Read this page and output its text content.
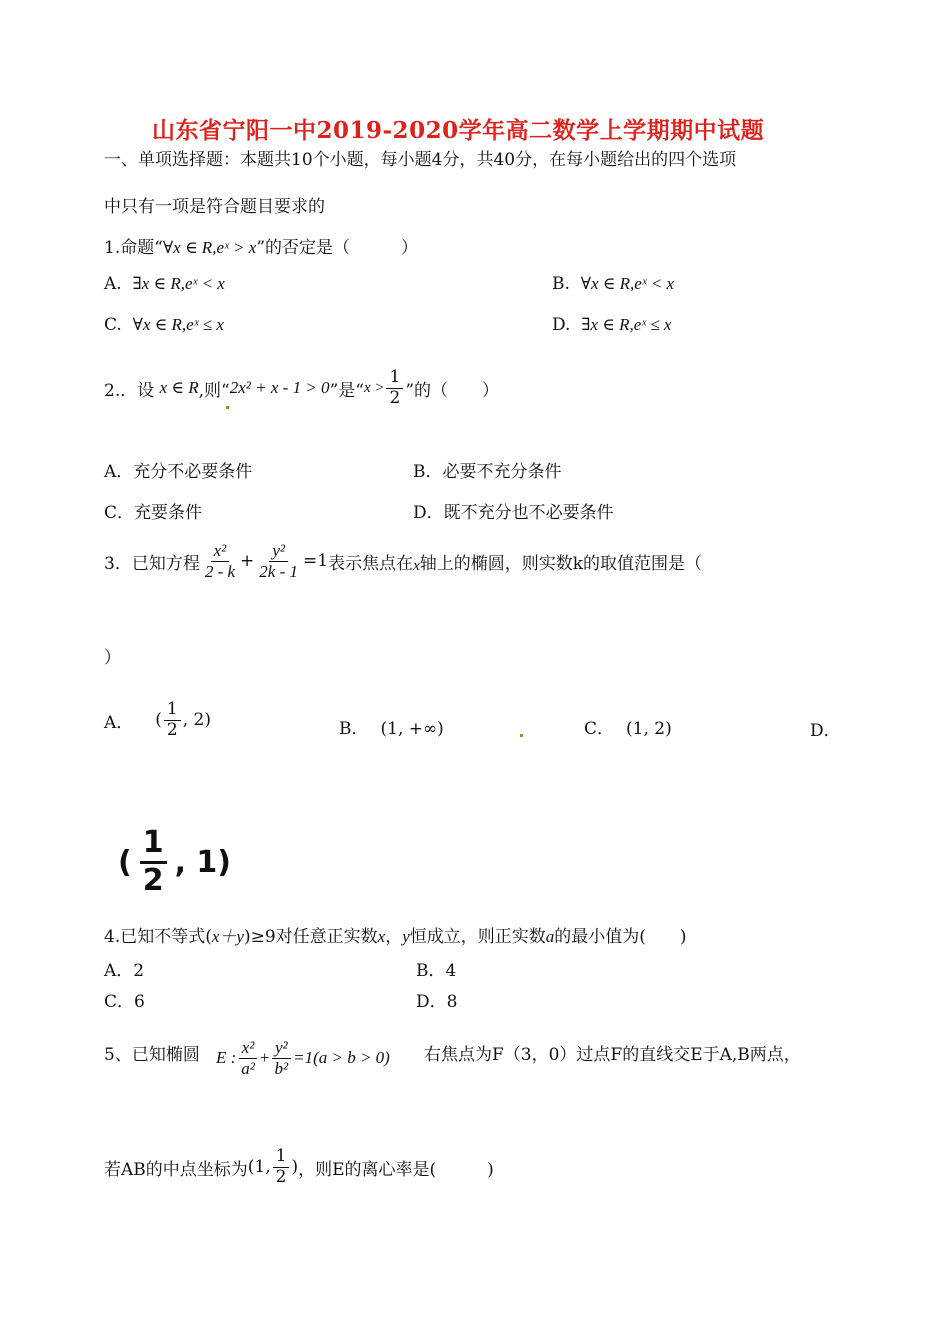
山东省宁阳一中2019-2020学年高二数学上学期期中试题
一、单项选择题：本题共10个小题，每小题4分，共40分，在每小题给出的四个选项
中只有一项是符合题目要求的
1.命题“∀x ∈ R,eˣ > x”的否定是（　　　）
A. ∃x ∈ R,eˣ < x	B. ∀x ∈ R,eˣ < x
C. ∀x ∈ R,eˣ ≤ x	D. ∃x ∈ R,eˣ ≤ x
2.．设
x ∈ R ,则“ 2x² + x - 1 > 0 ”是“ $x > \frac{1}{2}$ ”的（　　）
A．充分不必要条件	B．必要不充分条件
C．充要条件	D．既不充分也不必要条件
3．已知方程 $\frac{\text{x²}}{2 - k} + \frac{\text{y²}}{2k - 1} =1$ 表示焦点在 x 轴上的椭圆，则实数k的取值范围是（
）
A． ( $\frac{1}{2}$ , 2)	B． (1, +∞)	C． (1, 2)	D．
( $\frac{1}{2}$ , 1)
4.已知不等式(x＋y)≥9对任意正实数x，y恒成立，则正实数a的最小值为(　　)
A．2	B．4
C．6	D．8
5、已知椭圆 E : $\frac{\text{x²}}{\text{a²}} + \frac{\text{y²}}{\text{b²}} =1(a > b > 0)$ 右焦点为F（3，0）过点F的直线交E于A,B两点，
若AB的中点坐标为 (1, $\frac{1}{2}$ ) ，则E的离心率是(　　　)
